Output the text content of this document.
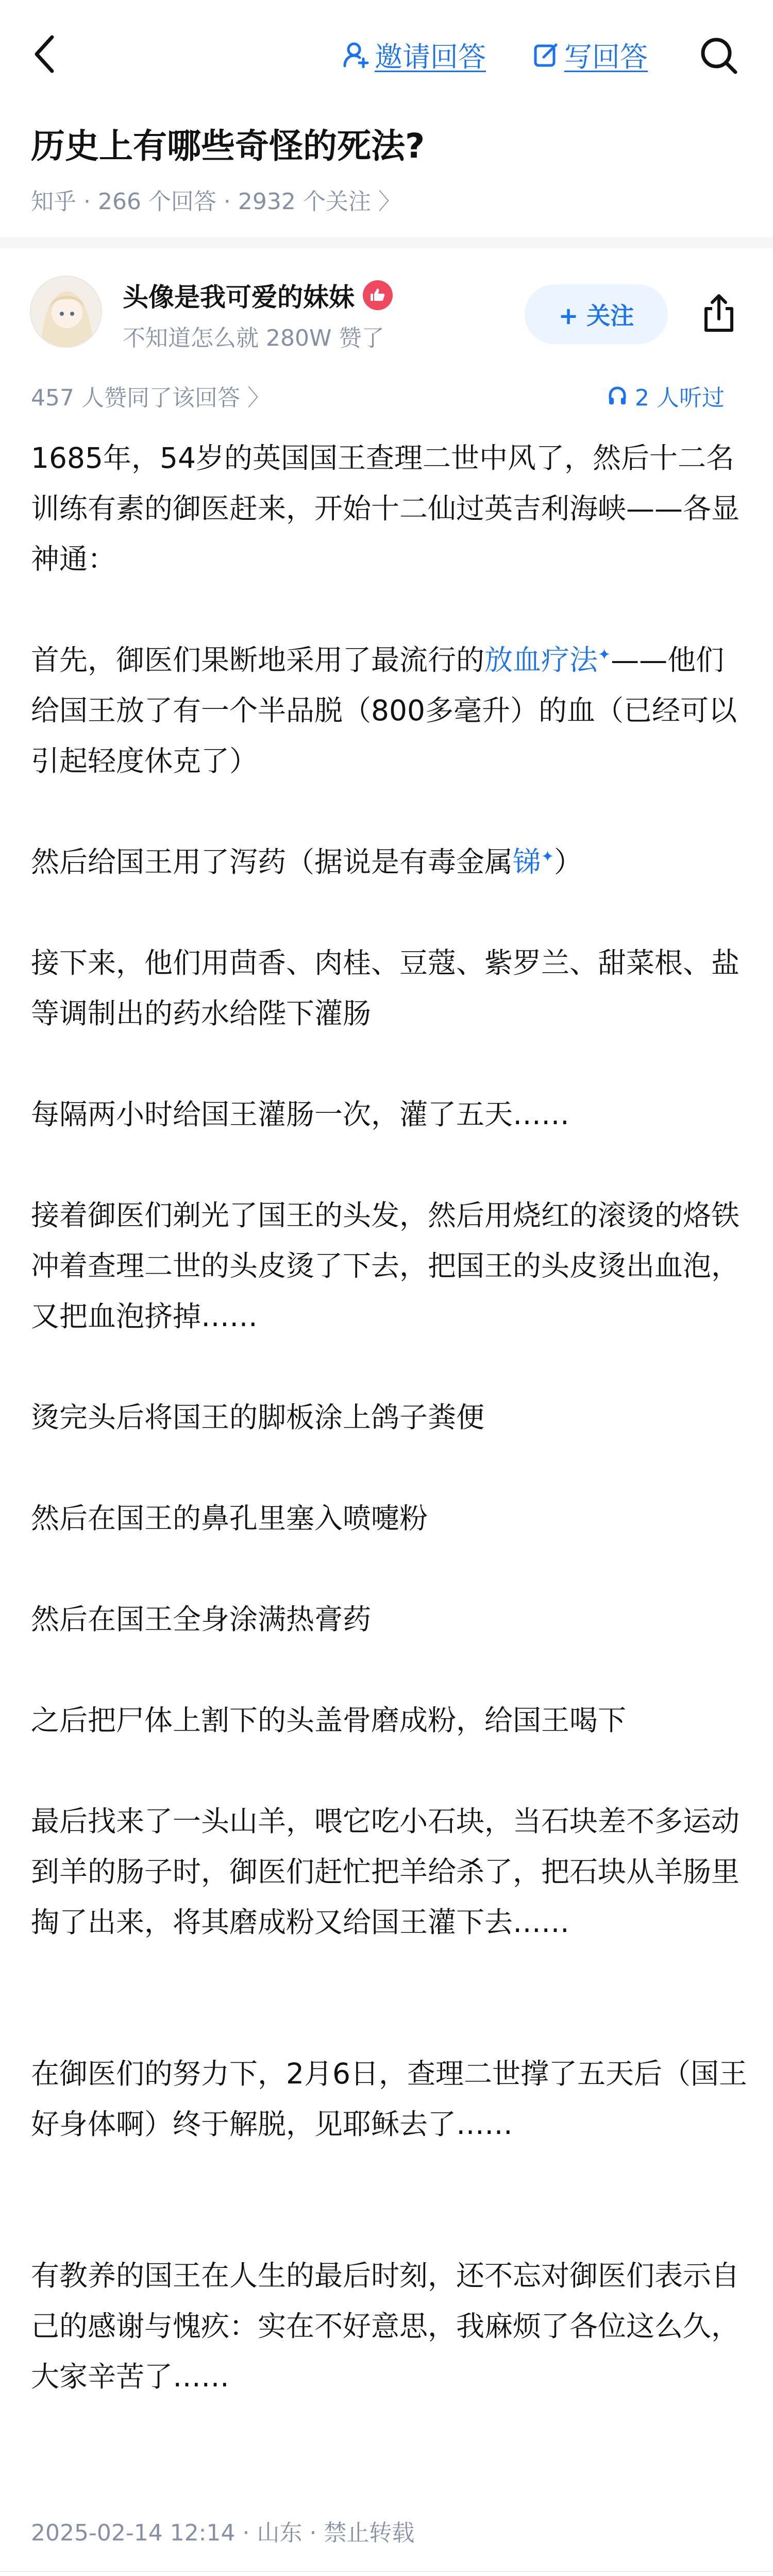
邀请回答	写回答
历史上有哪些奇怪的死法?
知乎 · 266 个回答 · 2932 个关注 〉
头像是我可爱的妹妹
不知道怎么就 280W 赞了
+ 关注
457 人赞同了该回答 〉	2 人听过
1685年，54岁的英国国王查理二世中风了，然后十二名训练有素的御医赶来，开始十二仙过英吉利海峡——各显神通：
首先，御医们果断地采用了最流行的放血疗法✦——他们给国王放了有一个半品脱（800多毫升）的血（已经可以引起轻度休克了）
然后给国王用了泻药（据说是有毒金属锑✦）
接下来，他们用茴香、肉桂、豆蔻、紫罗兰、甜菜根、盐等调制出的药水给陛下灌肠
每隔两小时给国王灌肠一次，灌了五天……
接着御医们剃光了国王的头发，然后用烧红的滚烫的烙铁冲着查理二世的头皮烫了下去，把国王的头皮烫出血泡，又把血泡挤掉……
烫完头后将国王的脚板涂上鸽子粪便
然后在国王的鼻孔里塞入喷嚏粉
然后在国王全身涂满热膏药
之后把尸体上割下的头盖骨磨成粉，给国王喝下
最后找来了一头山羊，喂它吃小石块，当石块差不多运动到羊的肠子时，御医们赶忙把羊给杀了，把石块从羊肠里掏了出来，将其磨成粉又给国王灌下去……
在御医们的努力下，2月6日，查理二世撑了五天后（国王好身体啊）终于解脱，见耶稣去了……
有教养的国王在人生的最后时刻，还不忘对御医们表示自己的感谢与愧疚：实在不好意思，我麻烦了各位这么久，大家辛苦了……
2025-02-14 12:14 · 山东 · 禁止转载
